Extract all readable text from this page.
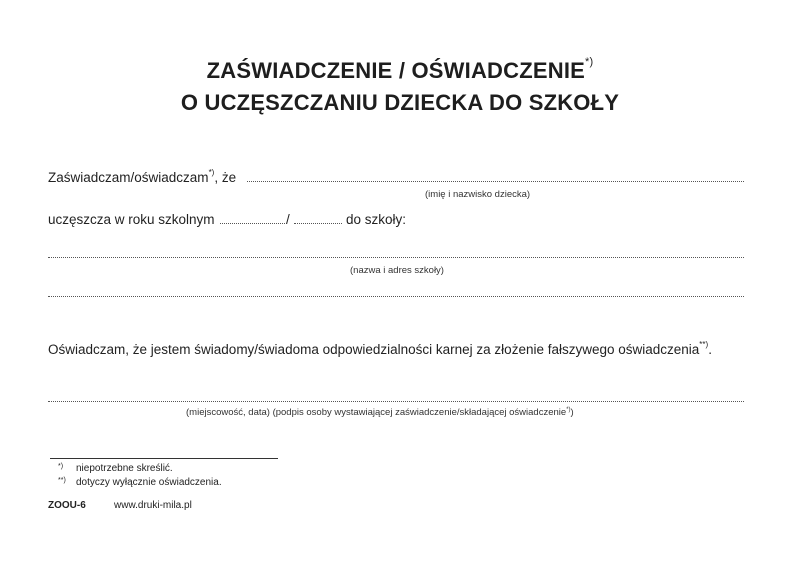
ZAŚWIADCZENIE / OŚWIADCZENIE*)
O UCZĘSZCZANIU DZIECKA DO SZKOŁY
Zaświadczam/oświadczam*), że
(imię i nazwisko dziecka)
uczęszcza w roku szkolnym	/	do szkoły:
(nazwa i adres szkoły)
Oświadczam, że jestem świadomy/świadoma odpowiedzialności karnej za złożenie fałszywego oświadczenia**).
(miejscowość, data) (podpis osoby wystawiającej zaświadczenie/składającej oświadczenie*))
*) niepotrzebne skreślić.
**) dotyczy wyłącznie oświadczenia.
ZOOU-6	www.druki-mila.pl
